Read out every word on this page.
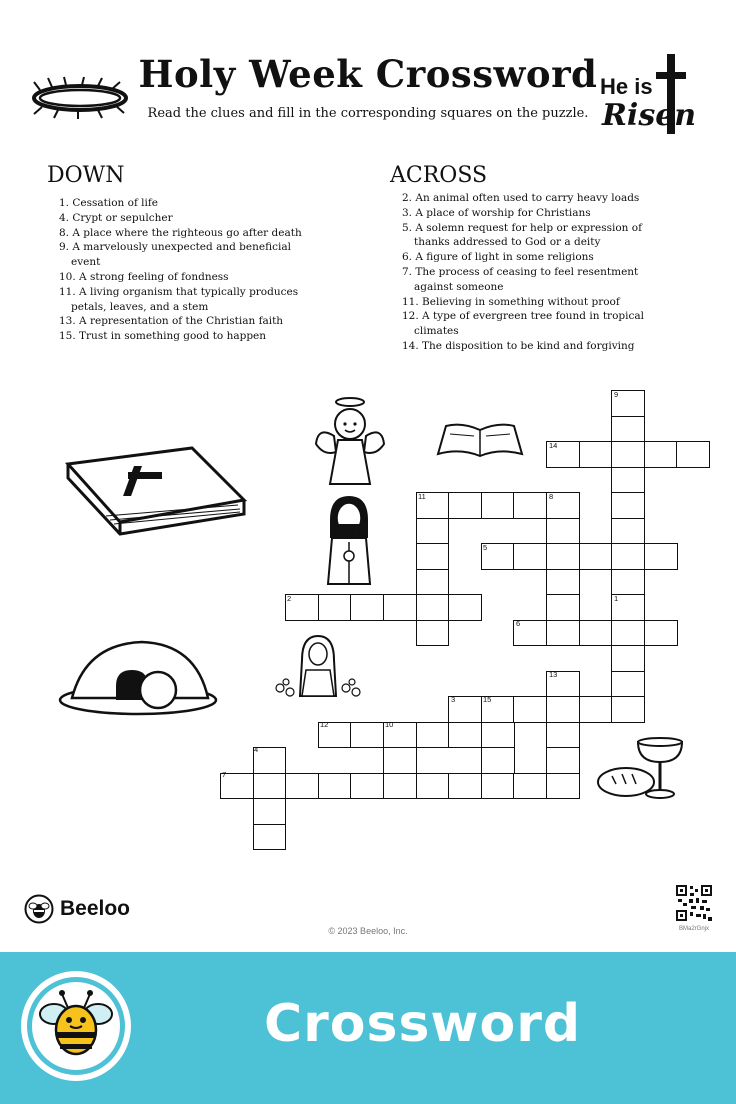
Holy Week Crossword
Read the clues and fill in the corresponding squares on the puzzle.
He is
Risen
DOWN
1. Cessation of life
4. Crypt or sepulcher
8. A place where the righteous go after death
9. A marvelously unexpected and beneficial event
10. A strong feeling of fondness
11. A living organism that typically produces petals, leaves, and a stem
13. A representation of the Christian faith
15. Trust in something good to happen
ACROSS
2. An animal often used to carry heavy loads
3. A place of worship for Christians
5. A solemn request for help or expression of thanks addressed to God or a deity
6. A figure of light in some religions
7. The process of ceasing to feel resentment against someone
11. Believing in something without proof
12. A type of evergreen tree found in tropical climates
14. The disposition to be kind and forgiving
9
14
11	8
5
2	1
6
13
3	15
12	10
4
7
Beeloo
© 2023 Beeloo, Inc.	BMa2rGnjx
Crossword
